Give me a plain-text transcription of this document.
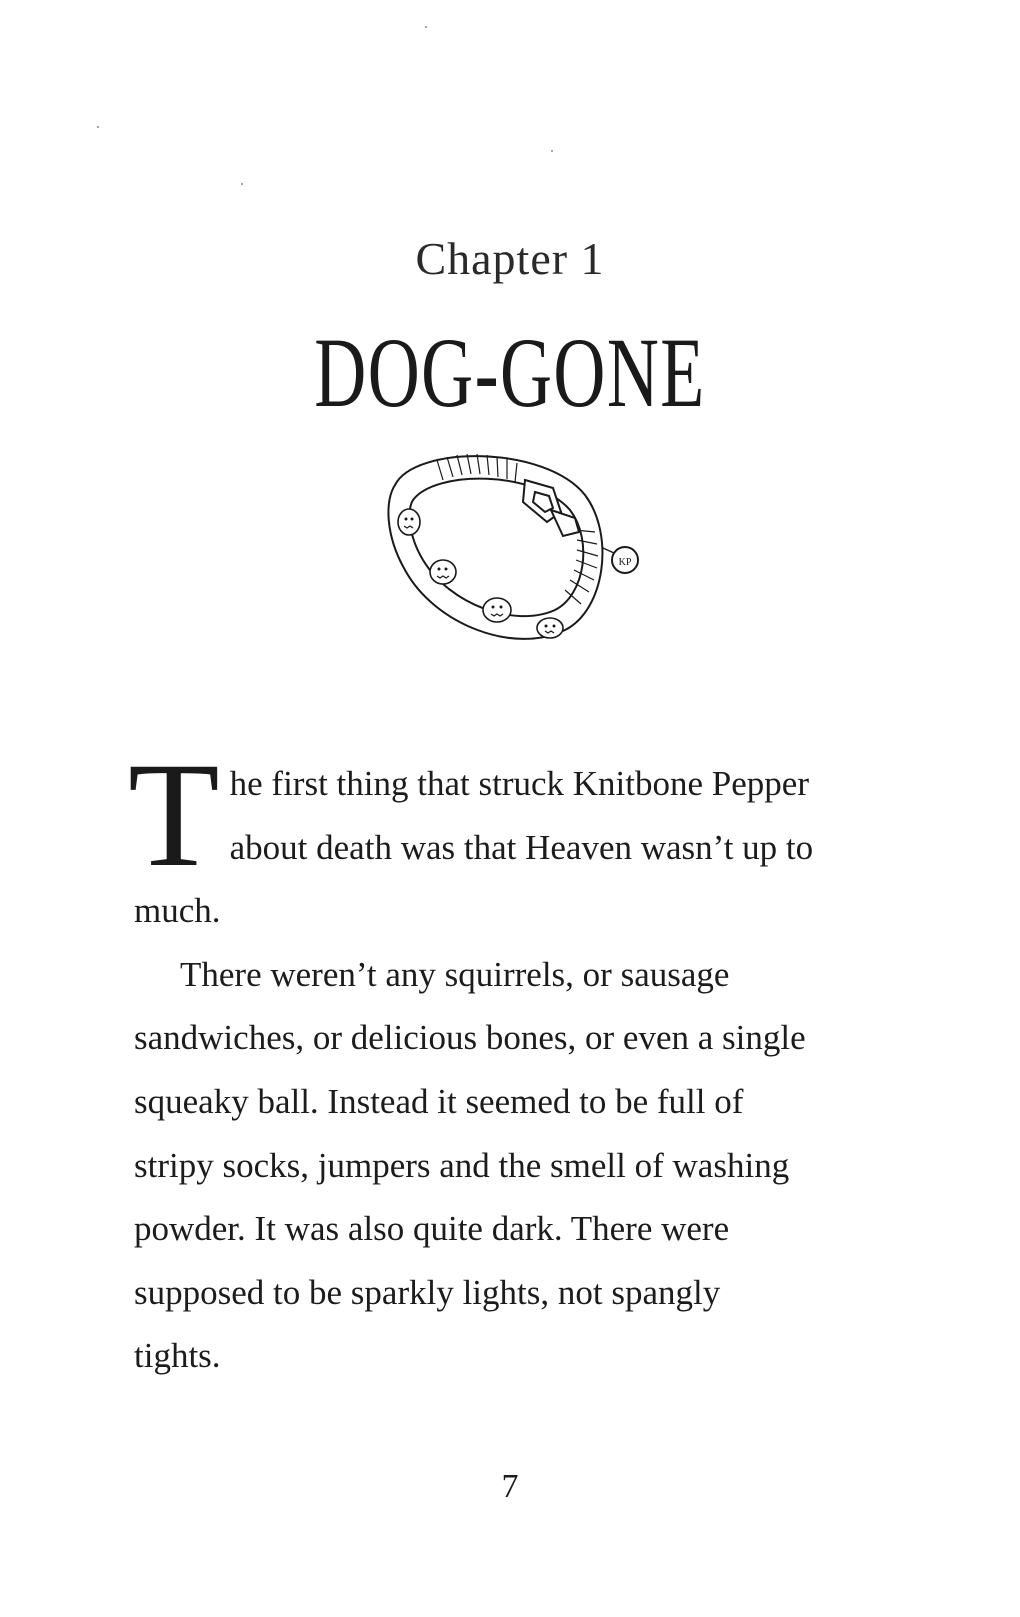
Chapter 1
DOG-GONE
KP

The first thing that struck Knitbone Pepper about death was that Heaven wasn’t up to much.

There weren’t any squirrels, or sausage sandwiches, or delicious bones, or even a single squeaky ball. Instead it seemed to be full of stripy socks, jumpers and the smell of washing powder. It was also quite dark. There were supposed to be sparkly lights, not spangly tights.

7
